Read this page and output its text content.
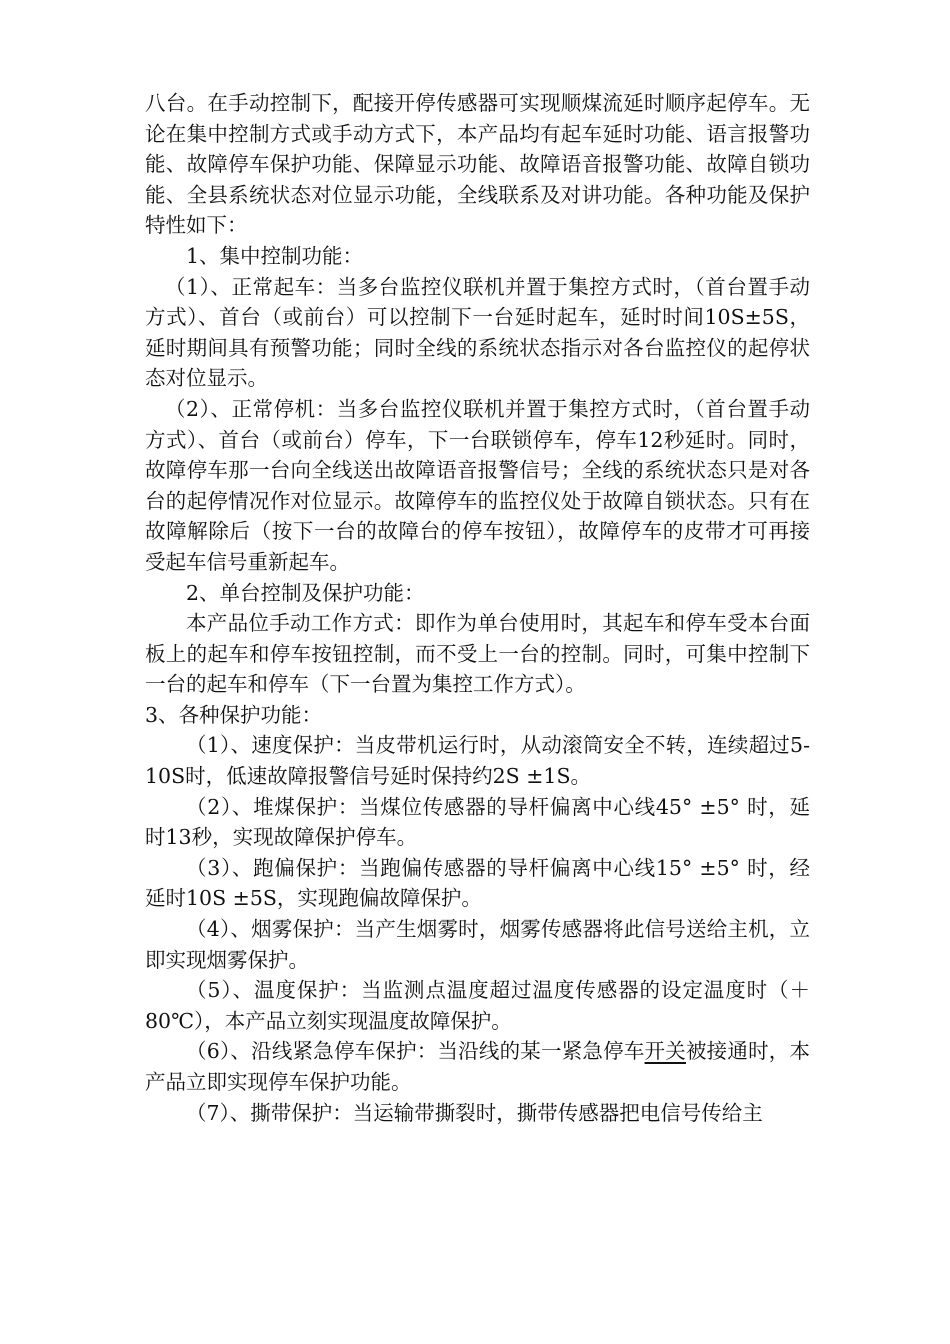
八台。在手动控制下，配接开停传感器可实现顺煤流延时顺序起停车。无论在集中控制方式或手动方式下，本产品均有起车延时功能、语言报警功能、故障停车保护功能、保障显示功能、故障语音报警功能、故障自锁功能、全县系统状态对位显示功能，全线联系及对讲功能。各种功能及保护特性如下：

1、集中控制功能：

（1）、正常起车：当多台监控仪联机并置于集控方式时，（首台置手动方式）、首台（或前台）可以控制下一台延时起车，延时时间10S±5S，延时期间具有预警功能；同时全线的系统状态指示对各台监控仪的起停状态对位显示。

（2）、正常停机：当多台监控仪联机并置于集控方式时，（首台置手动方式）、首台（或前台）停车，下一台联锁停车，停车12秒延时。同时，故障停车那一台向全线送出故障语音报警信号；全线的系统状态只是对各台的起停情况作对位显示。故障停车的监控仪处于故障自锁状态。只有在故障解除后（按下一台的故障台的停车按钮），故障停车的皮带才可再接受起车信号重新起车。

2、单台控制及保护功能：

本产品位手动工作方式：即作为单台使用时，其起车和停车受本台面板上的起车和停车按钮控制，而不受上一台的控制。同时，可集中控制下一台的起车和停车（下一台置为集控工作方式）。

3、各种保护功能：

（1）、速度保护：当皮带机运行时，从动滚筒安全不转，连续超过5-10S时，低速故障报警信号延时保持约2S ±1S。

（2）、堆煤保护：当煤位传感器的导杆偏离中心线45° ±5° 时，延时13秒，实现故障保护停车。

（3）、跑偏保护：当跑偏传感器的导杆偏离中心线15° ±5° 时，经延时10S ±5S，实现跑偏故障保护。

（4）、烟雾保护：当产生烟雾时，烟雾传感器将此信号送给主机，立即实现烟雾保护。

（5）、温度保护：当监测点温度超过温度传感器的设定温度时（＋80℃），本产品立刻实现温度故障保护。

（6）、沿线紧急停车保护：当沿线的某一紧急停车开关被接通时，本产品立即实现停车保护功能。

（7）、撕带保护：当运输带撕裂时，撕带传感器把电信号传给主
